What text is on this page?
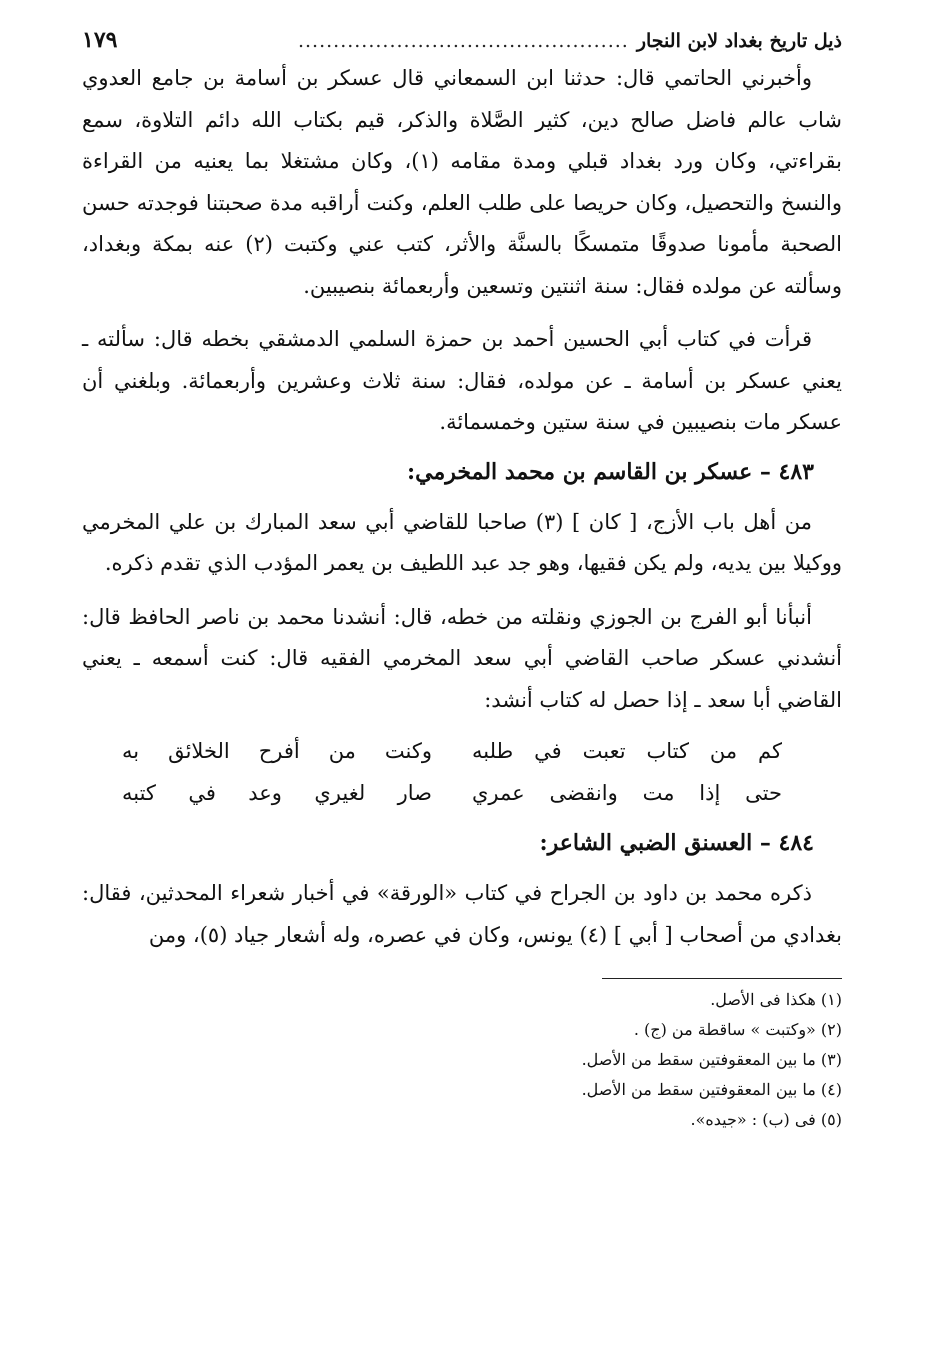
ذيل تاريخ بغداد لابن النجار
...............................................
١٧٩

وأخبرني الحاتمي قال: حدثنا ابن السمعاني قال عسكر بن أسامة بن جامع العدوي شاب عالم فاضل صالح دين، كثير الصَّلاة والذكر، قيم بكتاب الله دائم التلاوة، سمع بقراءتي، وكان ورد بغداد قبلي ومدة مقامه (١)، وكان مشتغلا بما يعنيه من القراءة والنسخ والتحصيل، وكان حريصا على طلب العلم، وكنت أراقبه مدة صحبتنا فوجدته حسن الصحبة مأمونا صدوقًا متمسكًا بالسنَّة والأثر، كتب عني وكتبت (٢) عنه بمكة وبغداد، وسألته عن مولده فقال: سنة اثنتين وتسعين وأربعمائة بنصيبين.

قرأت في كتاب أبي الحسين أحمد بن حمزة السلمي الدمشقي بخطه قال: سألته ـ يعني عسكر بن أسامة ـ عن مولده، فقال: سنة ثلاث وعشرين وأربعمائة. وبلغني أن عسكر مات بنصيبين في سنة ستين وخمسمائة.

٤٨٣ – عسكر بن القاسم بن محمد المخرمي:

من أهل باب الأزج، [ كان ] (٣) صاحبا للقاضي أبي سعد المبارك بن علي المخرمي ووكيلا بين يديه، ولم يكن فقيها، وهو جد عبد اللطيف بن يعمر المؤدب الذي تقدم ذكره.

أنبأنا أبو الفرج بن الجوزي ونقلته من خطه، قال: أنشدنا محمد بن ناصر الحافظ قال: أنشدني عسكر صاحب القاضي أبي سعد المخرمي الفقيه قال: كنت أسمعه ـ يعني القاضي أبا سعد ـ إذا حصل له كتاب أنشد:

كم من كتاب تعبت في طلبه
وكنت من أفرح الخلائق به
حتى إذا مت وانقضى عمري
صار لغيري وعد في كتبه
٤٨٤ – العسنق الضبي الشاعر:

ذكره محمد بن داود بن الجراح في كتاب «الورقة» في أخبار شعراء المحدثين، فقال: بغدادي من أصحاب [ أبي ] (٤) يونس، وكان في عصره، وله أشعار جياد (٥)، ومن

(١) هكذا فى الأصل.
(٢) «وكتبت » ساقطة من (ج) .
(٣) ما بين المعقوفتين سقط من الأصل.
(٤) ما بين المعقوفتين سقط من الأصل.
(٥) فى (ب) : «جيده».‏
